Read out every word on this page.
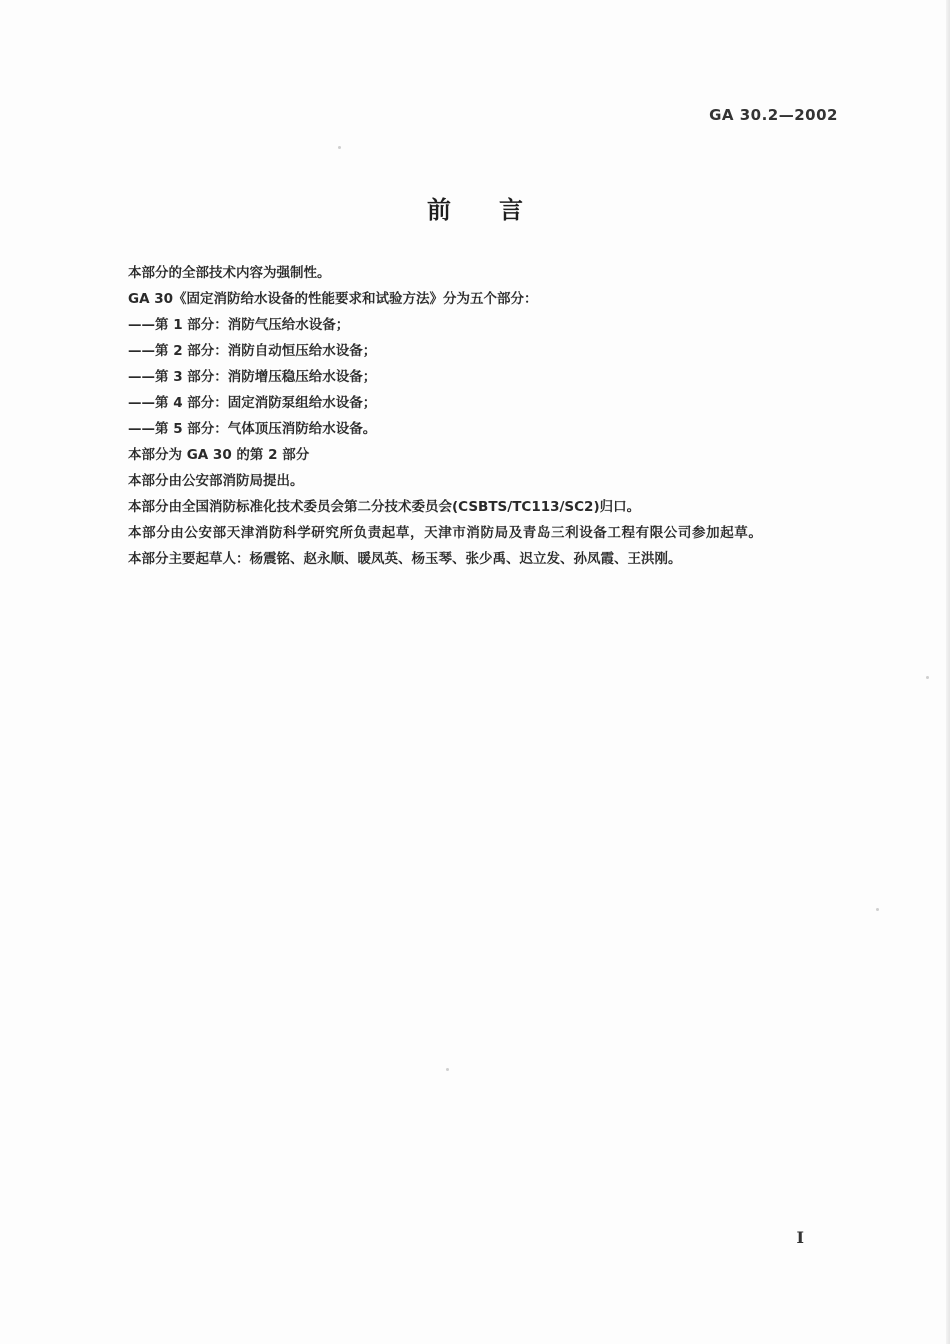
GA 30.2—2002
前言

本部分的全部技术内容为强制性。

GA 30《固定消防给水设备的性能要求和试验方法》分为五个部分：

——第 1 部分：消防气压给水设备；

——第 2 部分：消防自动恒压给水设备；

——第 3 部分：消防增压稳压给水设备；

——第 4 部分：固定消防泵组给水设备；

——第 5 部分：气体顶压消防给水设备。

本部分为 GA 30 的第 2 部分

本部分由公安部消防局提出。

本部分由全国消防标准化技术委员会第二分技术委员会(CSBTS/TC113/SC2)归口。

本部分由公安部天津消防科学研究所负责起草，天津市消防局及青岛三利设备工程有限公司参加起草。

本部分主要起草人：杨震铭、赵永顺、暖凤英、杨玉琴、张少禹、迟立发、孙凤霞、王洪刚。

I
